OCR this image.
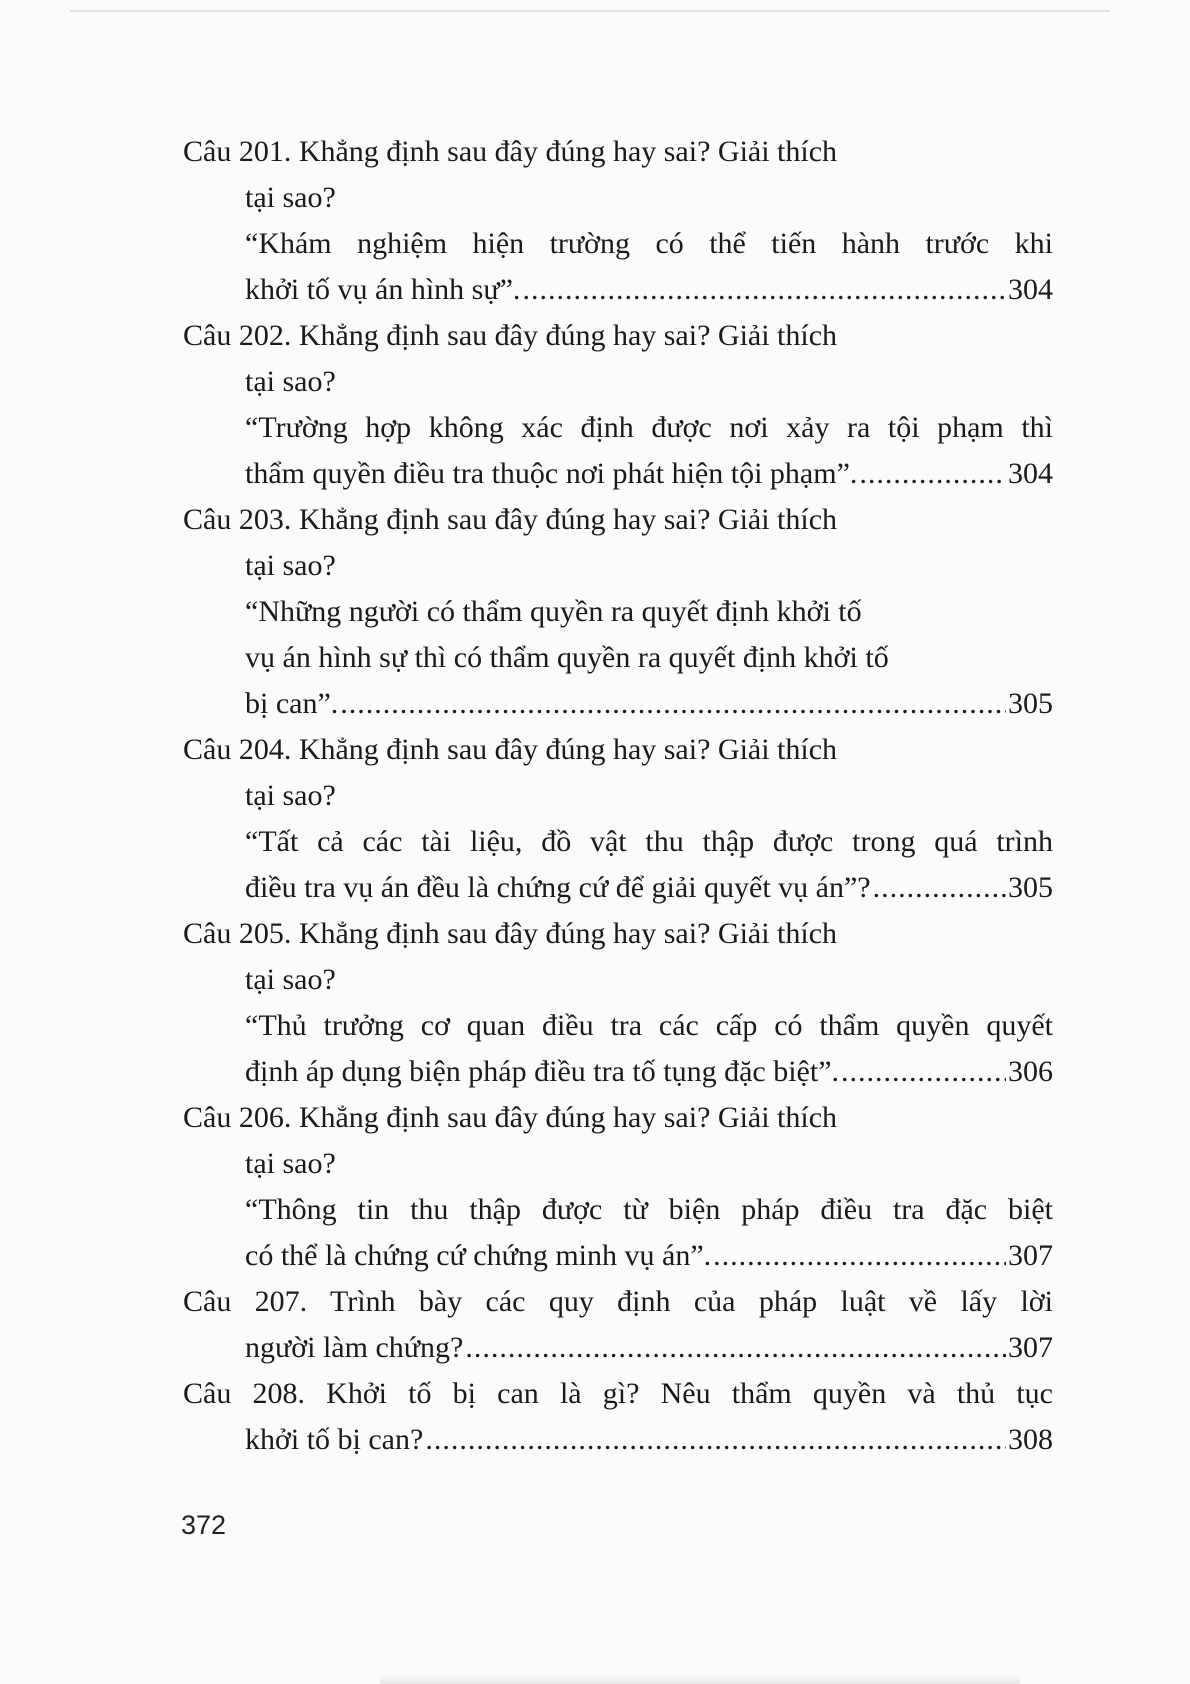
Câu 201. Khẳng định sau đây đúng hay sai? Giải thích
tại sao?
“Khám nghiệm hiện trường có thể tiến hành trước khi
khởi tố vụ án hình sự”. .....	304
Câu 202. Khẳng định sau đây đúng hay sai? Giải thích
tại sao?
“Trường hợp không xác định được nơi xảy ra tội phạm thì
thẩm quyền điều tra thuộc nơi phát hiện tội phạm”. .....	304
Câu 203. Khẳng định sau đây đúng hay sai? Giải thích
tại sao?
“Những người có thẩm quyền ra quyết định khởi tố
vụ án hình sự thì có thẩm quyền ra quyết định khởi tố
bị can”. .....	305
Câu 204. Khẳng định sau đây đúng hay sai? Giải thích
tại sao?
“Tất cả các tài liệu, đồ vật thu thập được trong quá trình
điều tra vụ án đều là chứng cứ để giải quyết vụ án”? .....	305
Câu 205. Khẳng định sau đây đúng hay sai? Giải thích
tại sao?
“Thủ trưởng cơ quan điều tra các cấp có thẩm quyền quyết
định áp dụng biện pháp điều tra tố tụng đặc biệt”. .....	306
Câu 206. Khẳng định sau đây đúng hay sai? Giải thích
tại sao?
“Thông tin thu thập được từ biện pháp điều tra đặc biệt
có thể là chứng cứ chứng minh vụ án”. .....	307
Câu 207. Trình bày các quy định của pháp luật về lấy lời
người làm chứng? .....	307
Câu 208. Khởi tố bị can là gì? Nêu thẩm quyền và thủ tục
khởi tố bị can? .....	308
372
